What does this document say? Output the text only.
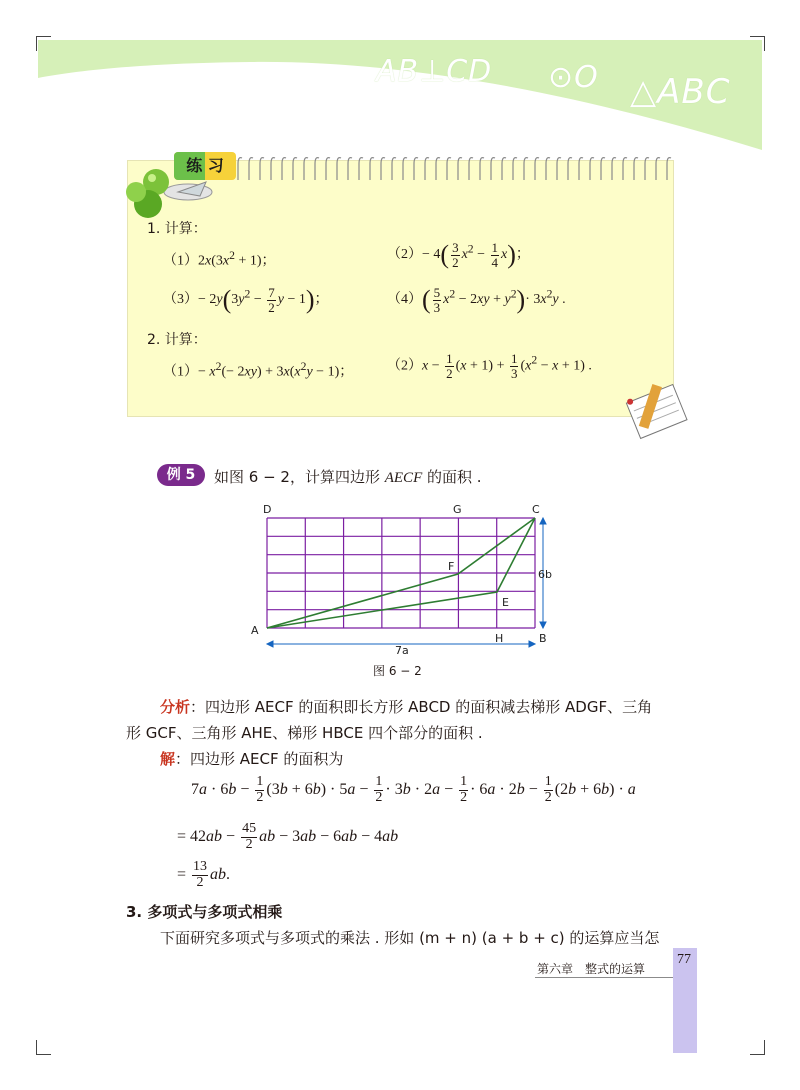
AB⊥CD ⊙O △ABC
练 习
1. 计算：
$(1)2x(3x^2 + 1)$；	$(2)- 4( \frac{3}{2} x^2 - \frac{1}{4} x)$；
$(3)- 2y(3y^2 - \frac{7}{2}$ y − 1)；	$(4)( \frac{5}{3} x^2 - 2xy + y^2)\cdot 3x^2y$ .
2. 计算：
$(1)- x^2(- 2xy) + 3x(x^2y - 1)$； $(2)x - \frac{1}{2} (x + 1) + \frac{1}{3} (x^2 - x + 1)$ .
例 5	如图 6 − 2，计算四边形 AECF 的面积 .
A
B
C
D
E
F
G
H
7a
6b
图 6 − 2
分析：四边形 AECF 的面积即长方形 ABCD 的面积减去梯形 ADGF、三角
形 GCF、三角形 AHE、梯形 HBCE 四个部分的面积 .
解：四边形 AECF 的面积为
$7a \cdot 6b - \frac{1}{2} (3b + 6b) \cdot 5a - \frac{1}{2} \cdot 3b \cdot 2a - \frac{1}{2} \cdot 6a \cdot 2b - \frac{1}{2} (2b + 6b) \cdot a$
= $42ab - \frac{45}{2}$ ab − 3ab − 6ab − 4ab
= $\frac{13}{2}$ ab.
3. 多项式与多项式相乘
下面研究多项式与多项式的乘法 . 形如 (m + n) (a + b + c) 的运算应当怎
第六章　整式的运算
77
